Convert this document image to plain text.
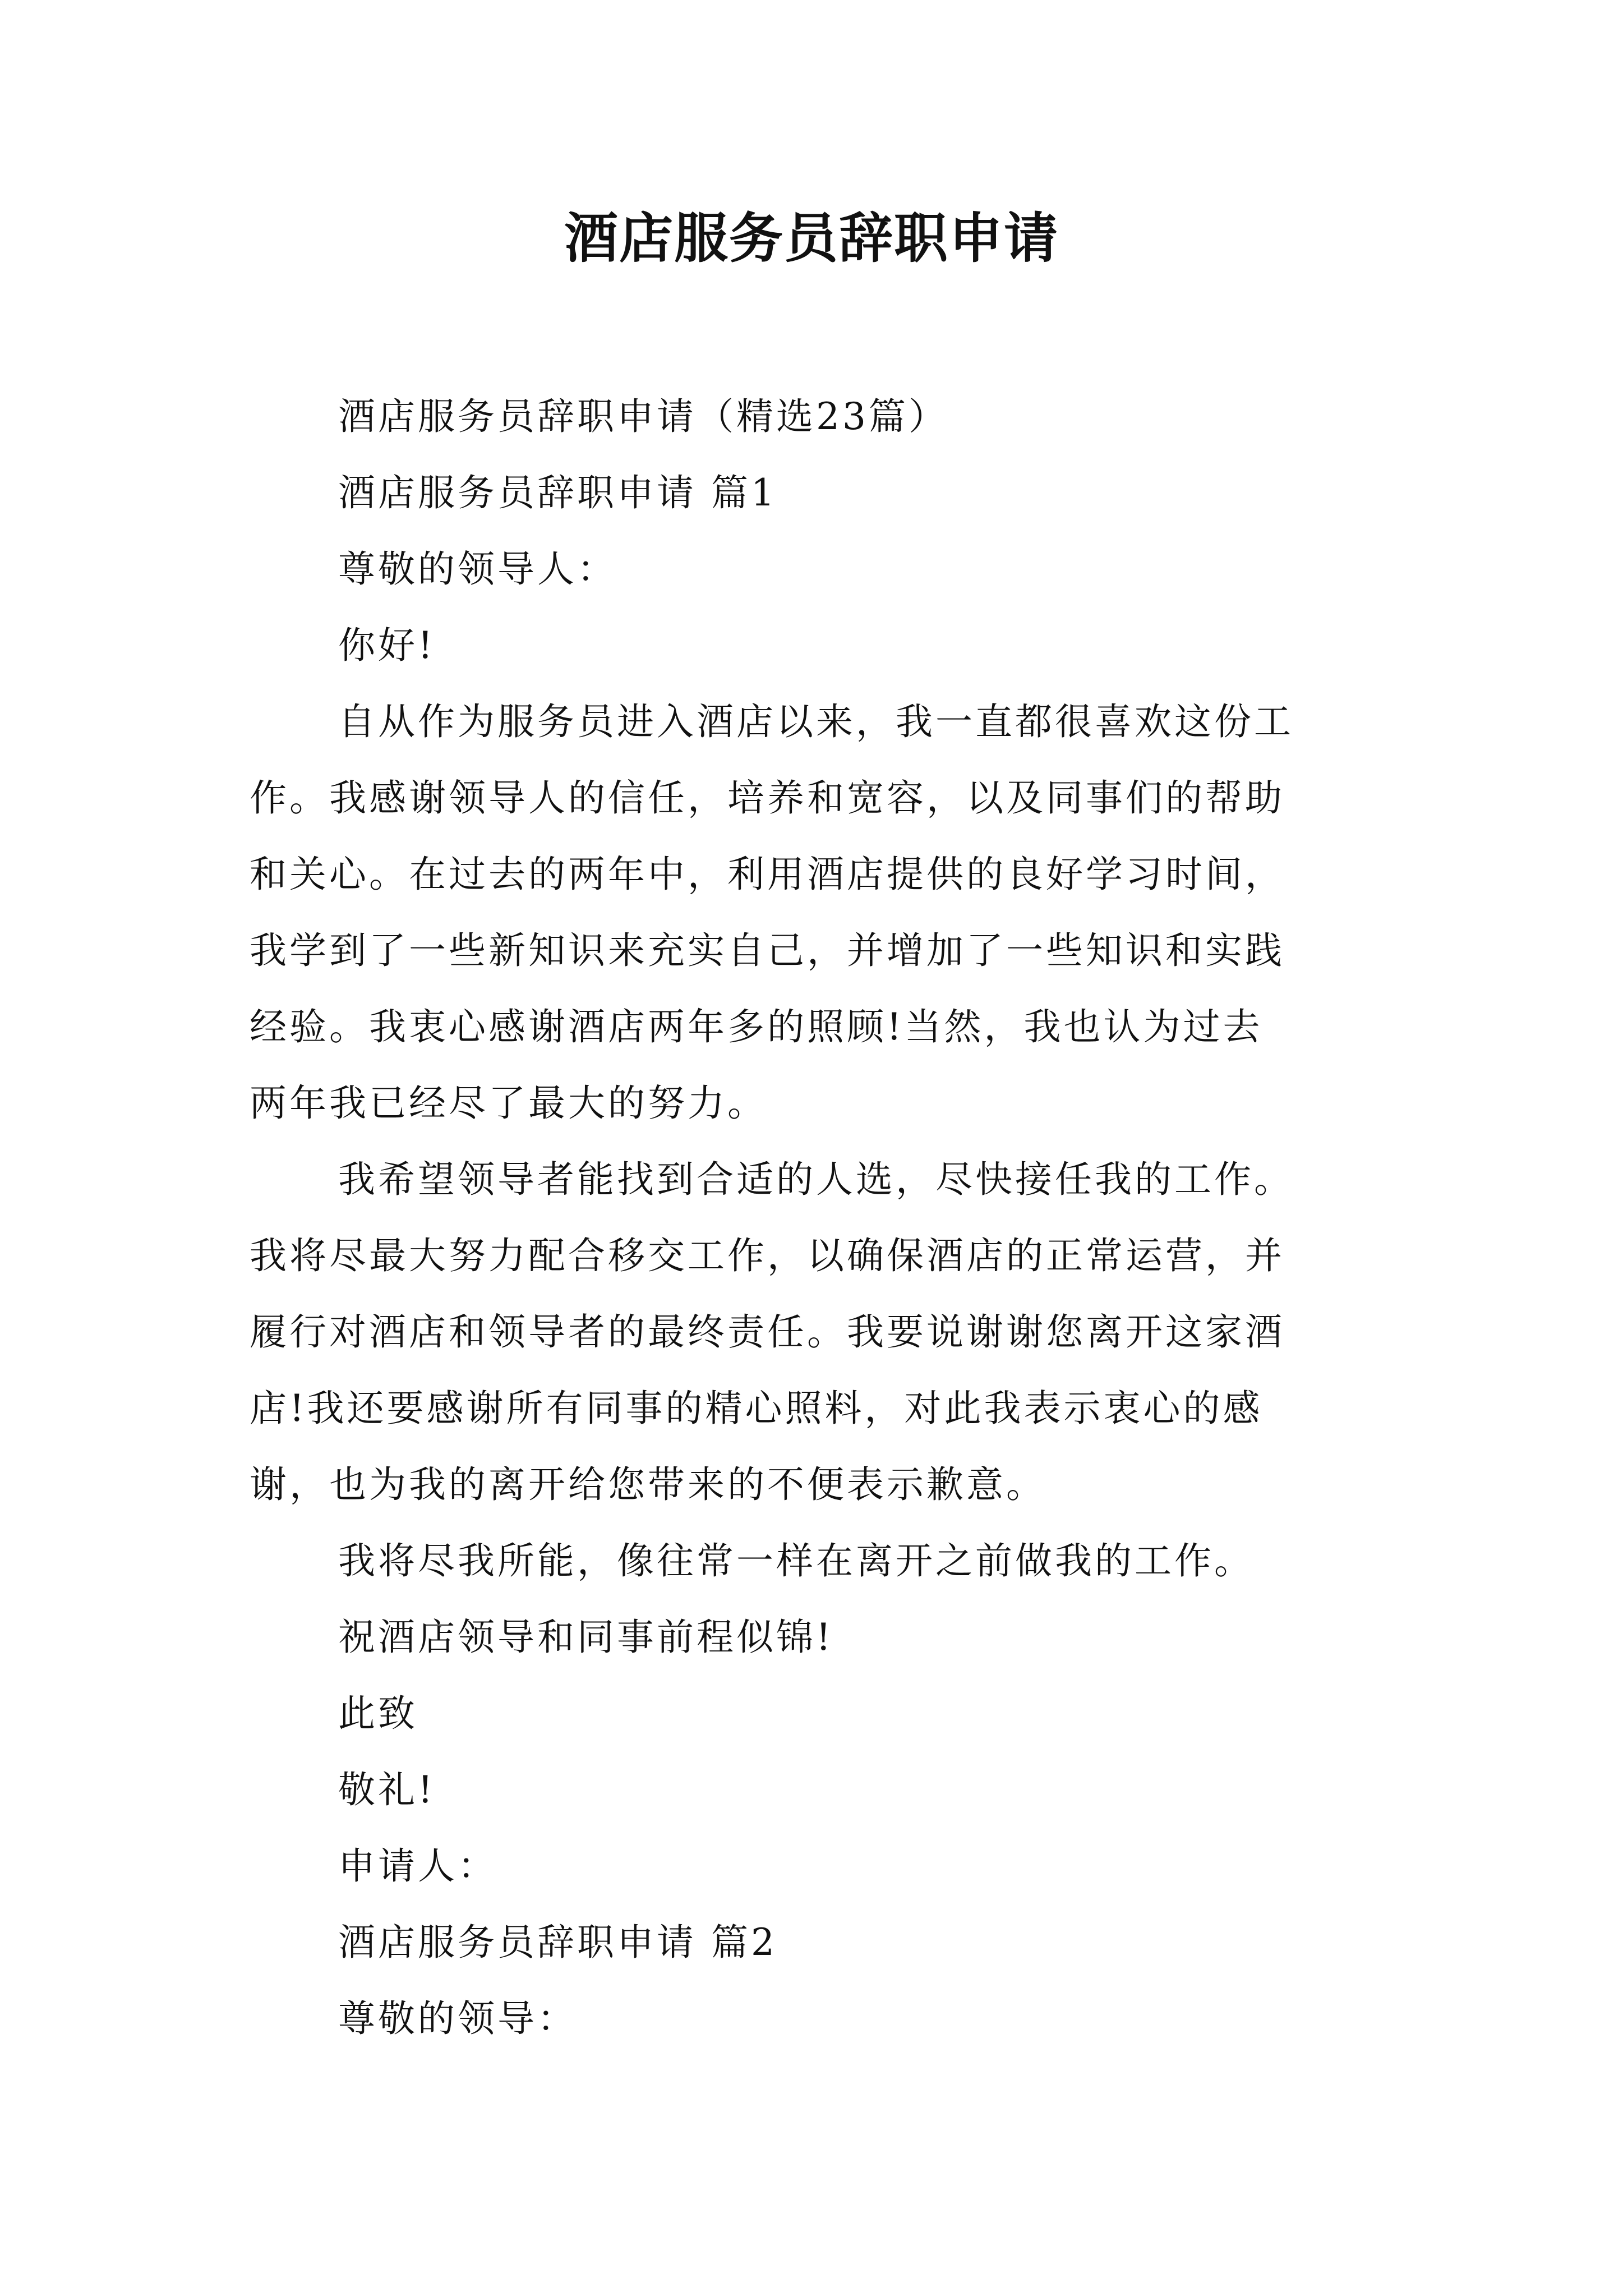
酒店服务员辞职申请
酒店服务员辞职申请（精选23篇）
酒店服务员辞职申请 篇1
尊敬的领导人：
你好!
自从作为服务员进入酒店以来，我一直都很喜欢这份工
作。我感谢领导人的信任，培养和宽容，以及同事们的帮助
和关心。在过去的两年中，利用酒店提供的良好学习时间，
我学到了一些新知识来充实自己，并增加了一些知识和实践
经验。我衷心感谢酒店两年多的照顾!当然，我也认为过去
两年我已经尽了最大的努力。
我希望领导者能找到合适的人选，尽快接任我的工作。
我将尽最大努力配合移交工作，以确保酒店的正常运营，并
履行对酒店和领导者的最终责任。我要说谢谢您离开这家酒
店!我还要感谢所有同事的精心照料，对此我表示衷心的感
谢，也为我的离开给您带来的不便表示歉意。
我将尽我所能，像往常一样在离开之前做我的工作。
祝酒店领导和同事前程似锦!
此致
敬礼!
申请人：
酒店服务员辞职申请 篇2
尊敬的领导：
